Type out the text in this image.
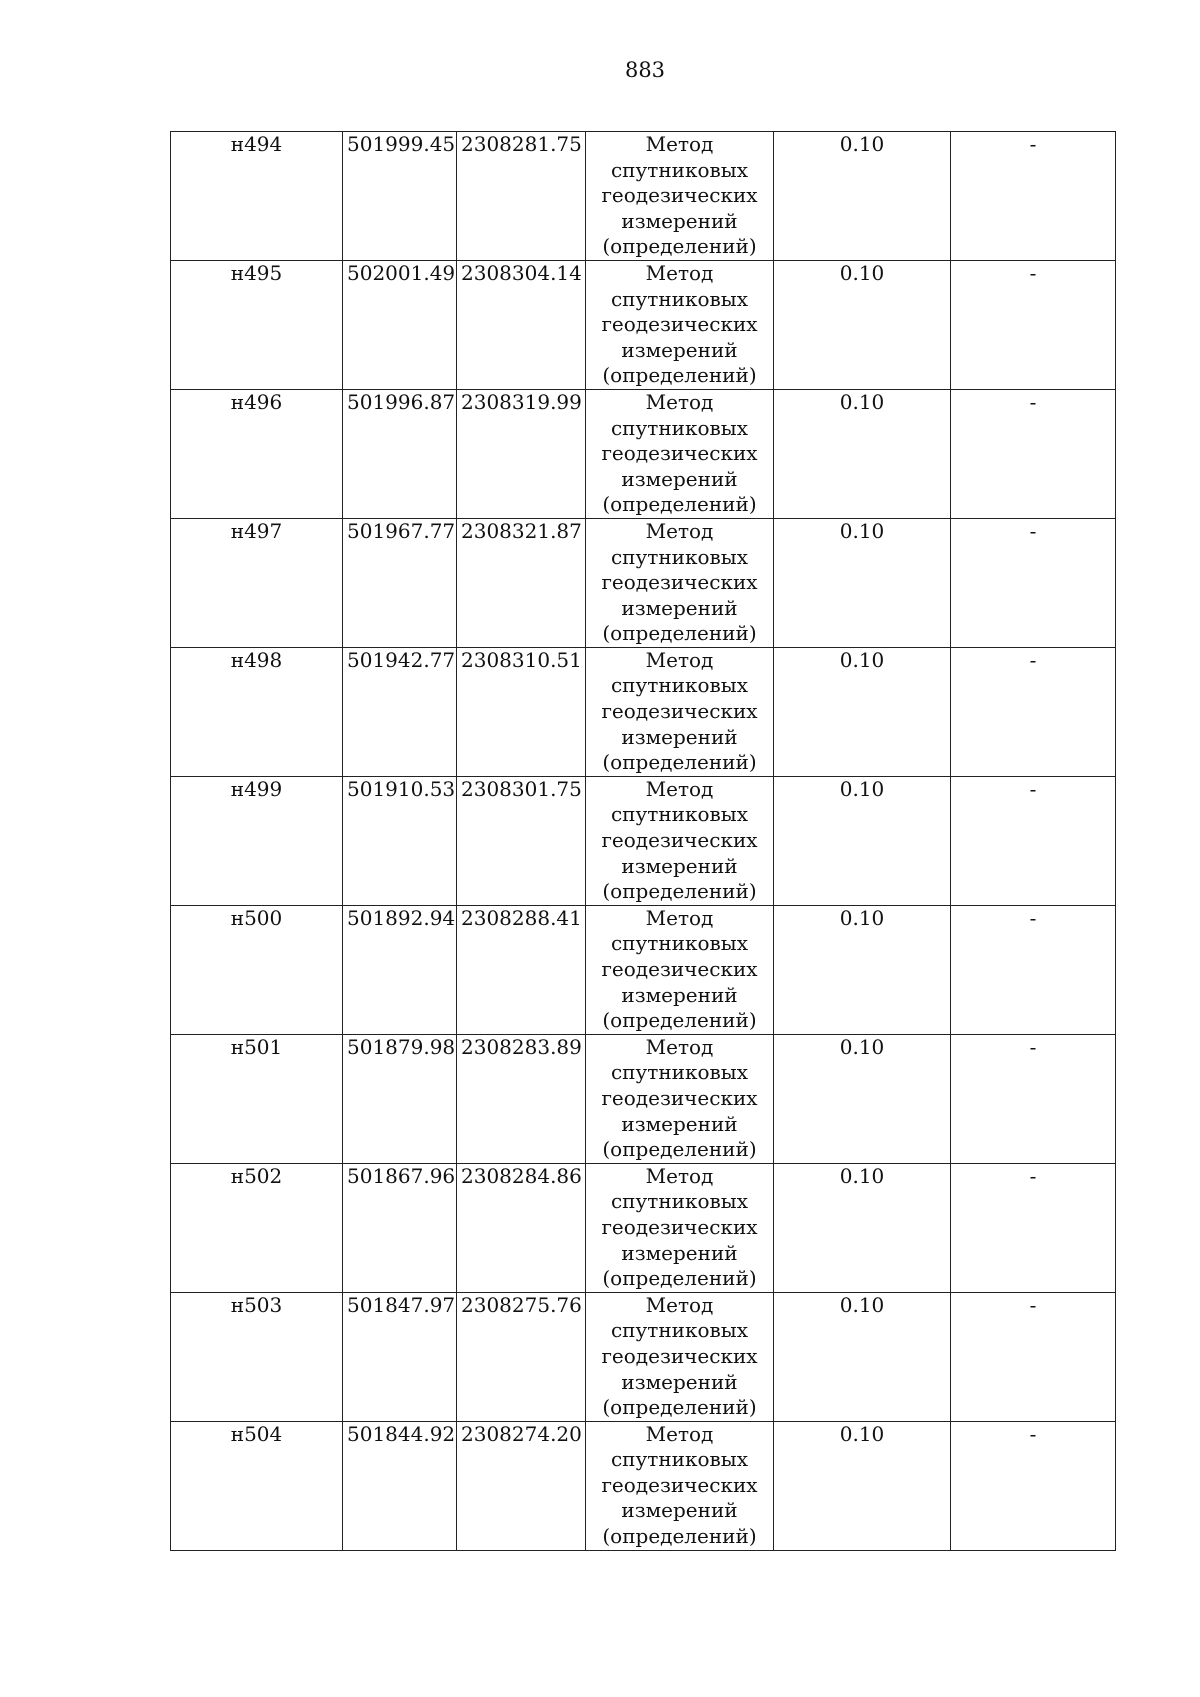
883
н494	501999.45	2308281.75	Метод
спутниковых
геодезических
измерений
(определений)	0.10	-
н495	502001.49	2308304.14	Метод
спутниковых
геодезических
измерений
(определений)	0.10	-
н496	501996.87	2308319.99	Метод
спутниковых
геодезических
измерений
(определений)	0.10	-
н497	501967.77	2308321.87	Метод
спутниковых
геодезических
измерений
(определений)	0.10	-
н498	501942.77	2308310.51	Метод
спутниковых
геодезических
измерений
(определений)	0.10	-
н499	501910.53	2308301.75	Метод
спутниковых
геодезических
измерений
(определений)	0.10	-
н500	501892.94	2308288.41	Метод
спутниковых
геодезических
измерений
(определений)	0.10	-
н501	501879.98	2308283.89	Метод
спутниковых
геодезических
измерений
(определений)	0.10	-
н502	501867.96	2308284.86	Метод
спутниковых
геодезических
измерений
(определений)	0.10	-
н503	501847.97	2308275.76	Метод
спутниковых
геодезических
измерений
(определений)	0.10	-
н504	501844.92	2308274.20	Метод
спутниковых
геодезических
измерений
(определений)	0.10	-
